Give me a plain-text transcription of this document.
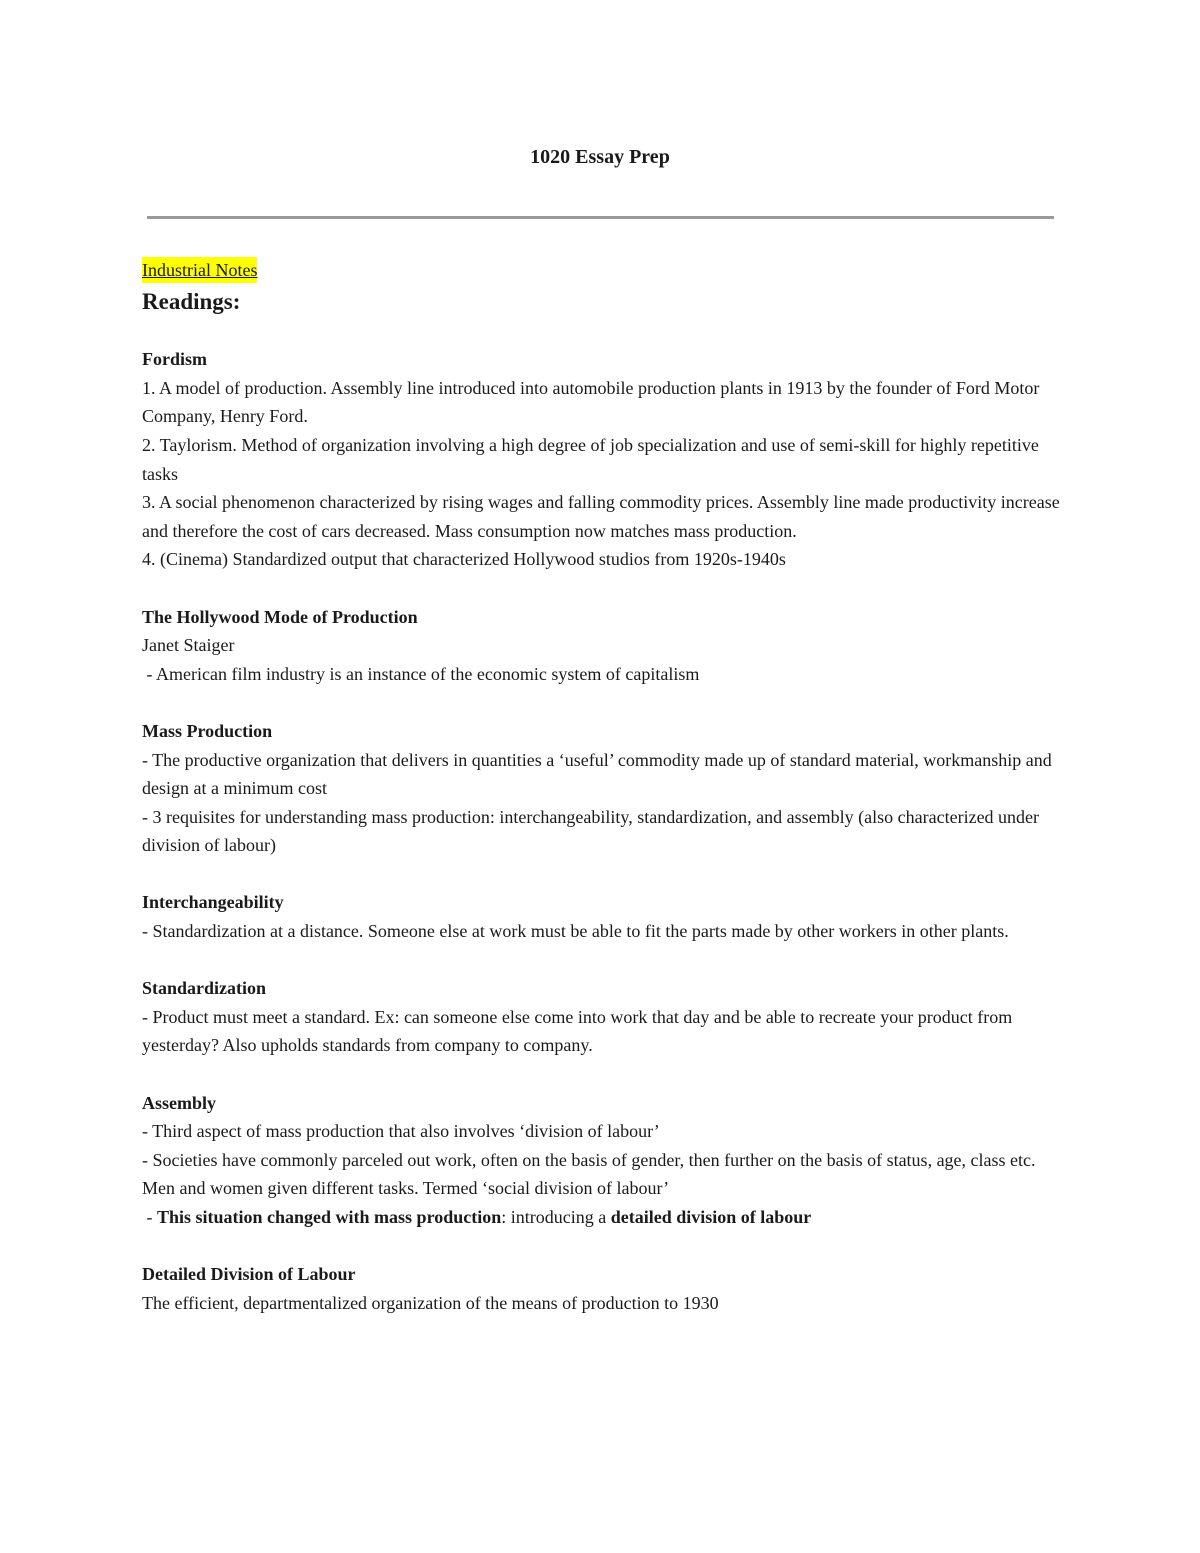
1020 Essay Prep
Industrial Notes
Readings:

Fordism

1. A model of production. Assembly line introduced into automobile production plants in 1913 by the founder of Ford Motor Company, Henry Ford.

2. Taylorism. Method of organization involving a high degree of job specialization and use of semi-skill for highly repetitive tasks

3. A social phenomenon characterized by rising wages and falling commodity prices. Assembly line made productivity increase and therefore the cost of cars decreased. Mass consumption now matches mass production.

4. (Cinema) Standardized output that characterized Hollywood studios from 1920s-1940s

The Hollywood Mode of Production

Janet Staiger

- American film industry is an instance of the economic system of capitalism

Mass Production

- The productive organization that delivers in quantities a ‘useful’ commodity made up of standard material, workmanship and design at a minimum cost

- 3 requisites for understanding mass production: interchangeability, standardization, and assembly (also characterized under division of labour)

Interchangeability

- Standardization at a distance. Someone else at work must be able to fit the parts made by other workers in other plants.

Standardization

- Product must meet a standard. Ex: can someone else come into work that day and be able to recreate your product from yesterday? Also upholds standards from company to company.

Assembly

- Third aspect of mass production that also involves ‘division of labour’

- Societies have commonly parceled out work, often on the basis of gender, then further on the basis of status, age, class etc. Men and women given different tasks. Termed ‘social division of labour’

- This situation changed with mass production: introducing a detailed division of labour

Detailed Division of Labour

The efficient, departmentalized organization of the means of production to 1930
